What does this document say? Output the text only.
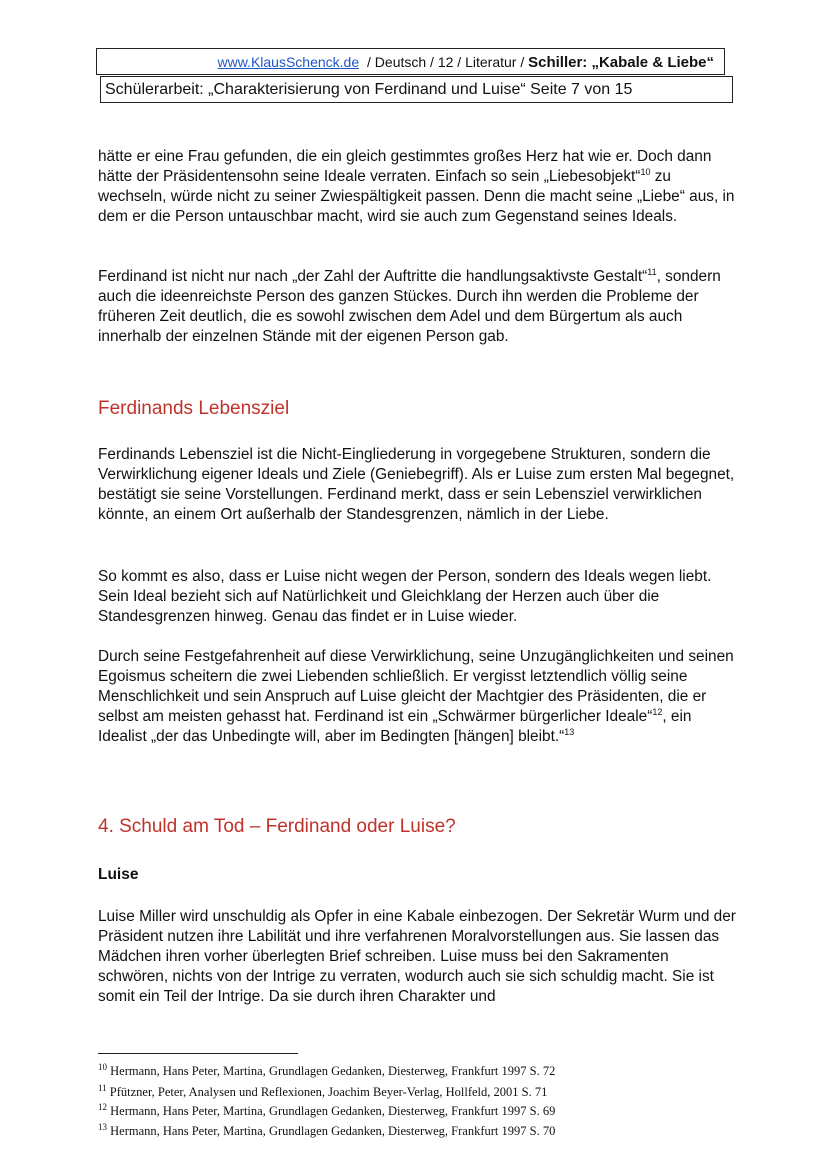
www.KlausSchenck.de / Deutsch / 12 / Literatur / Schiller: „Kabale & Liebe“
Schülerarbeit: „Charakterisierung von Ferdinand und Luise“ Seite 7 von 15

hätte er eine Frau gefunden, die ein gleich gestimmtes großes Herz hat wie er. Doch dann hätte der Präsidentensohn seine Ideale verraten. Einfach so sein „Liebesobjekt“$^{10}$ zu wechseln, würde nicht zu seiner Zwiespältigkeit passen. Denn die macht seine „Liebe“ aus, in dem er die Person untauschbar macht, wird sie auch zum Gegenstand seines Ideals.

Ferdinand ist nicht nur nach „der Zahl der Auftritte die handlungsaktivste Gestalt“$^{11}$, sondern auch die ideenreichste Person des ganzen Stückes. Durch ihn werden die Probleme der früheren Zeit deutlich, die es sowohl zwischen dem Adel und dem Bürgertum als auch innerhalb der einzelnen Stände mit der eigenen Person gab.

Ferdinands Lebensziel

Ferdinands Lebensziel ist die Nicht-Eingliederung in vorgegebene Strukturen, sondern die Verwirklichung eigener Ideals und Ziele (Geniebegriff). Als er Luise zum ersten Mal begegnet, bestätigt sie seine Vorstellungen. Ferdinand merkt, dass er sein Lebensziel verwirklichen könnte, an einem Ort außerhalb der Standesgrenzen, nämlich in der Liebe.

So kommt es also, dass er Luise nicht wegen der Person, sondern des Ideals wegen liebt. Sein Ideal bezieht sich auf Natürlichkeit und Gleichklang der Herzen auch über die Standesgrenzen hinweg. Genau das findet er in Luise wieder.

Durch seine Festgefahrenheit auf diese Verwirklichung, seine Unzugänglichkeiten und seinen Egoismus scheitern die zwei Liebenden schließlich. Er vergisst letztendlich völlig seine Menschlichkeit und sein Anspruch auf Luise gleicht der Machtgier des Präsidenten, die er selbst am meisten gehasst hat. Ferdinand ist ein „Schwärmer bürgerlicher Ideale“$^{12}$, ein Idealist „der das Unbedingte will, aber im Bedingten [hängen] bleibt.“$^{13}$

4. Schuld am Tod – Ferdinand oder Luise?
Luise

Luise Miller wird unschuldig als Opfer in eine Kabale einbezogen. Der Sekretär Wurm und der Präsident nutzen ihre Labilität und ihre verfahrenen Moralvorstellungen aus. Sie lassen das Mädchen ihren vorher überlegten Brief schreiben. Luise muss bei den Sakramenten schwören, nichts von der Intrige zu verraten, wodurch auch sie sich schuldig macht. Sie ist somit ein Teil der Intrige. Da sie durch ihren Charakter und

$^{10}$ Hermann, Hans Peter, Martina, Grundlagen Gedanken, Diesterweg, Frankfurt 1997 S. 72

$^{11}$ Pfützner, Peter, Analysen und Reflexionen, Joachim Beyer-Verlag, Hollfeld, 2001 S. 71

$^{12}$ Hermann, Hans Peter, Martina, Grundlagen Gedanken, Diesterweg, Frankfurt 1997 S. 69

$^{13}$ Hermann, Hans Peter, Martina, Grundlagen Gedanken, Diesterweg, Frankfurt 1997 S. 70
